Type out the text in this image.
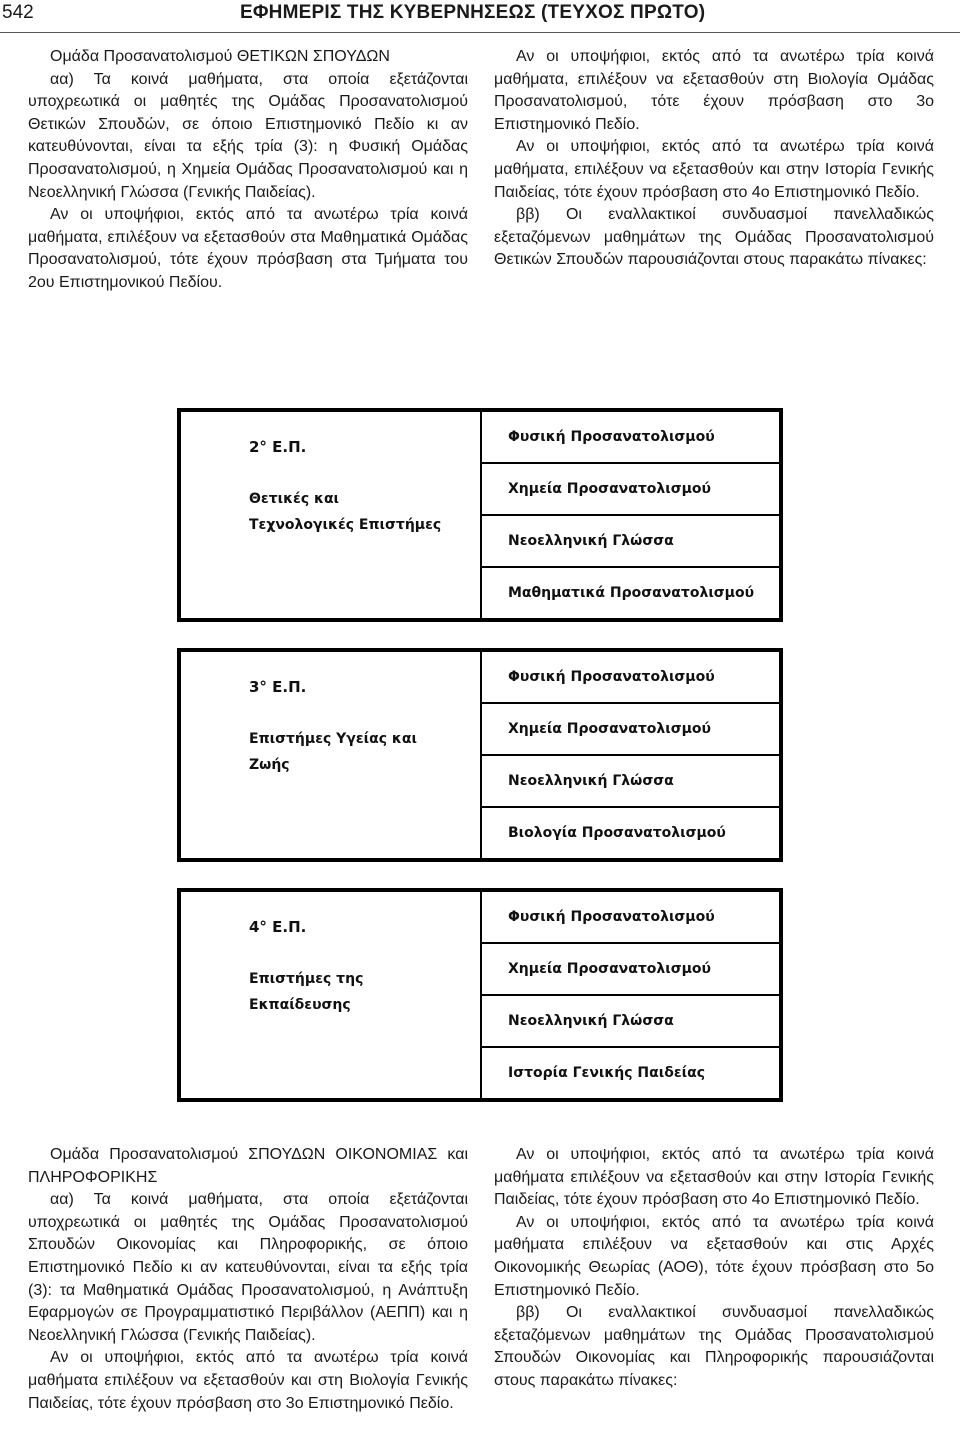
542	ΕΦΗΜΕΡΙΣ ΤΗΣ ΚΥΒΕΡΝΗΣΕΩΣ (ΤΕΥΧΟΣ ΠΡΩΤΟ)

Ομάδα Προσανατολισμού ΘΕΤΙΚΩΝ ΣΠΟΥΔΩΝ

αα) Τα κοινά μαθήματα, στα οποία εξετάζονται υποχρεωτικά οι μαθητές της Ομάδας Προσανατολισμού Θετικών Σπουδών, σε όποιο Επιστημονικό Πεδίο κι αν κατευθύνονται, είναι τα εξής τρία (3): η Φυσική Ομάδας Προσανατολισμού, η Χημεία Ομάδας Προσανατολισμού και η Νεοελληνική Γλώσσα (Γενικής Παιδείας).

Αν οι υποψήφιοι, εκτός από τα ανωτέρω τρία κοινά μαθήματα, επιλέξουν να εξετασθούν στα Μαθηματικά Ομάδας Προσανατολισμού, τότε έχουν πρόσβαση στα Τμήματα του 2ου Επιστημονικού Πεδίου.

Αν οι υποψήφιοι, εκτός από τα ανωτέρω τρία κοινά μαθήματα, επιλέξουν να εξετασθούν στη Βιολογία Ομάδας Προσανατολισμού, τότε έχουν πρόσβαση στο 3ο Επιστημονικό Πεδίο.

Αν οι υποψήφιοι, εκτός από τα ανωτέρω τρία κοινά μαθήματα, επιλέξουν να εξετασθούν και στην Ιστορία Γενικής Παιδείας, τότε έχουν πρόσβαση στο 4ο Επιστημονικό Πεδίο.

ββ) Οι εναλλακτικοί συνδυασμοί πανελλαδικώς εξεταζόμενων μαθημάτων της Ομάδας Προσανατολισμού Θετικών Σπουδών παρουσιάζονται στους παρακάτω πίνακες:

2° Ε.Π.
Θετικές και
Τεχνολογικές Επιστήμες
	Φυσική Προσανατολισμού
Χημεία Προσανατολισμού
Νεοελληνική Γλώσσα
Μαθηματικά Προσανατολισμού
3° Ε.Π.
Επιστήμες Υγείας και
Ζωής
	Φυσική Προσανατολισμού
Χημεία Προσανατολισμού
Νεοελληνική Γλώσσα
Βιολογία Προσανατολισμού
4° Ε.Π.
Επιστήμες της
Εκπαίδευσης
	Φυσική Προσανατολισμού
Χημεία Προσανατολισμού
Νεοελληνική Γλώσσα
Ιστορία Γενικής Παιδείας

Ομάδα Προσανατολισμού ΣΠΟΥΔΩΝ ΟΙΚΟΝΟΜΙΑΣ και ΠΛΗΡΟΦΟΡΙΚΗΣ

αα) Τα κοινά μαθήματα, στα οποία εξετάζονται υποχρεωτικά οι μαθητές της Ομάδας Προσανατολισμού Σπουδών Οικονομίας και Πληροφορικής, σε όποιο Επιστημονικό Πεδίο κι αν κατευθύνονται, είναι τα εξής τρία (3): τα Μαθηματικά Ομάδας Προσανατολισμού, η Ανάπτυξη Εφαρμογών σε Προγραμματιστικό Περιβάλλον (ΑΕΠΠ) και η Νεοελληνική Γλώσσα (Γενικής Παιδείας).

Αν οι υποψήφιοι, εκτός από τα ανωτέρω τρία κοινά μαθήματα επιλέξουν να εξετασθούν και στη Βιολογία Γενικής Παιδείας, τότε έχουν πρόσβαση στο 3ο Επιστημονικό Πεδίο.

Αν οι υποψήφιοι, εκτός από τα ανωτέρω τρία κοινά μαθήματα επιλέξουν να εξετασθούν και στην Ιστορία Γενικής Παιδείας, τότε έχουν πρόσβαση στο 4ο Επιστημονικό Πεδίο.

Αν οι υποψήφιοι, εκτός από τα ανωτέρω τρία κοινά μαθήματα επιλέξουν να εξετασθούν και στις Αρχές Οικονομικής Θεωρίας (ΑΟΘ), τότε έχουν πρόσβαση στο 5ο Επιστημονικό Πεδίο.

ββ) Οι εναλλακτικοί συνδυασμοί πανελλαδικώς εξεταζόμενων μαθημάτων της Ομάδας Προσανατολισμού Σπουδών Οικονομίας και Πληροφορικής παρουσιάζονται στους παρακάτω πίνακες:
